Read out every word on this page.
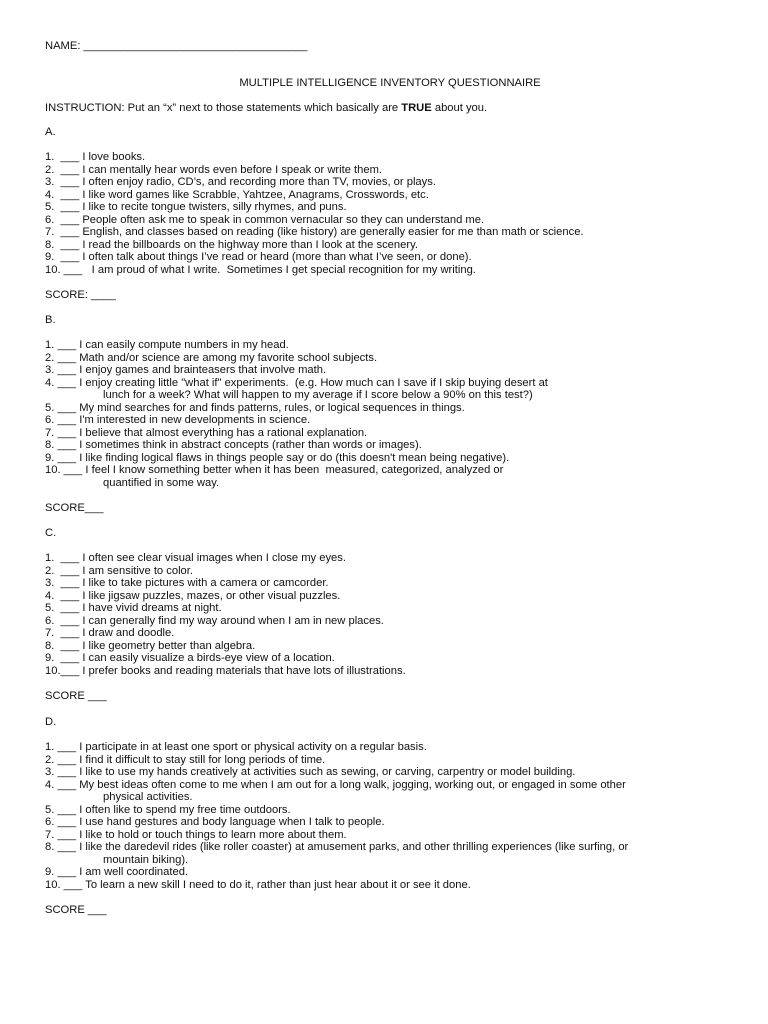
NAME: ____________________________________
MULTIPLE INTELLIGENCE INVENTORY QUESTIONNAIRE
INSTRUCTION: Put an “x” next to those statements which basically are TRUE about you.
A.
1.  ___ I love books.
2.  ___ I can mentally hear words even before I speak or write them.
3.  ___ I often enjoy radio, CD’s, and recording more than TV, movies, or plays.
4.  ___ I like word games like Scrabble, Yahtzee, Anagrams, Crosswords, etc.
5.  ___ I like to recite tongue twisters, silly rhymes, and puns.
6.  ___ People often ask me to speak in common vernacular so they can understand me.
7.  ___ English, and classes based on reading (like history) are generally easier for me than math or science.
8.  ___ I read the billboards on the highway more than I look at the scenery.
9.  ___ I often talk about things I’ve read or heard (more than what I’ve seen, or done).
10. ___   I am proud of what I write.  Sometimes I get special recognition for my writing.
SCORE: ____
B.
1. ___ I can easily compute numbers in my head.
2. ___ Math and/or science are among my favorite school subjects.
3. ___ I enjoy games and brainteasers that involve math.
4. ___ I enjoy creating little "what if" experiments.  (e.g. How much can I save if I skip buying desert at
lunch for a week? What will happen to my average if I score below a 90% on this test?)
5. ___ My mind searches for and finds patterns, rules, or logical sequences in things.
6. ___ I'm interested in new developments in science.
7. ___ I believe that almost everything has a rational explanation.
8. ___ I sometimes think in abstract concepts (rather than words or images).
9. ___ I like finding logical flaws in things people say or do (this doesn't mean being negative).
10. ___ I feel I know something better when it has been  measured, categorized, analyzed or
quantified in some way.
SCORE___
C.
1.  ___ I often see clear visual images when I close my eyes.
2.  ___ I am sensitive to color.
3.  ___ I like to take pictures with a camera or camcorder.
4.  ___ I like jigsaw puzzles, mazes, or other visual puzzles.
5.  ___ I have vivid dreams at night.
6.  ___ I can generally find my way around when I am in new places.
7.  ___ I draw and doodle.
8.  ___ I like geometry better than algebra.
9.  ___ I can easily visualize a birds-eye view of a location.
10.___ I prefer books and reading materials that have lots of illustrations.
SCORE ___
D.
1. ___ I participate in at least one sport or physical activity on a regular basis.
2. ___ I find it difficult to stay still for long periods of time.
3. ___ I like to use my hands creatively at activities such as sewing, or carving, carpentry or model building.
4. ___ My best ideas often come to me when I am out for a long walk, jogging, working out, or engaged in some other
physical activities.
5. ___ I often like to spend my free time outdoors.
6. ___ I use hand gestures and body language when I talk to people.
7. ___ I like to hold or touch things to learn more about them.
8. ___ I like the daredevil rides (like roller coaster) at amusement parks, and other thrilling experiences (like surfing, or
mountain biking).
9. ___ I am well coordinated.
10. ___ To learn a new skill I need to do it, rather than just hear about it or see it done.
SCORE ___
